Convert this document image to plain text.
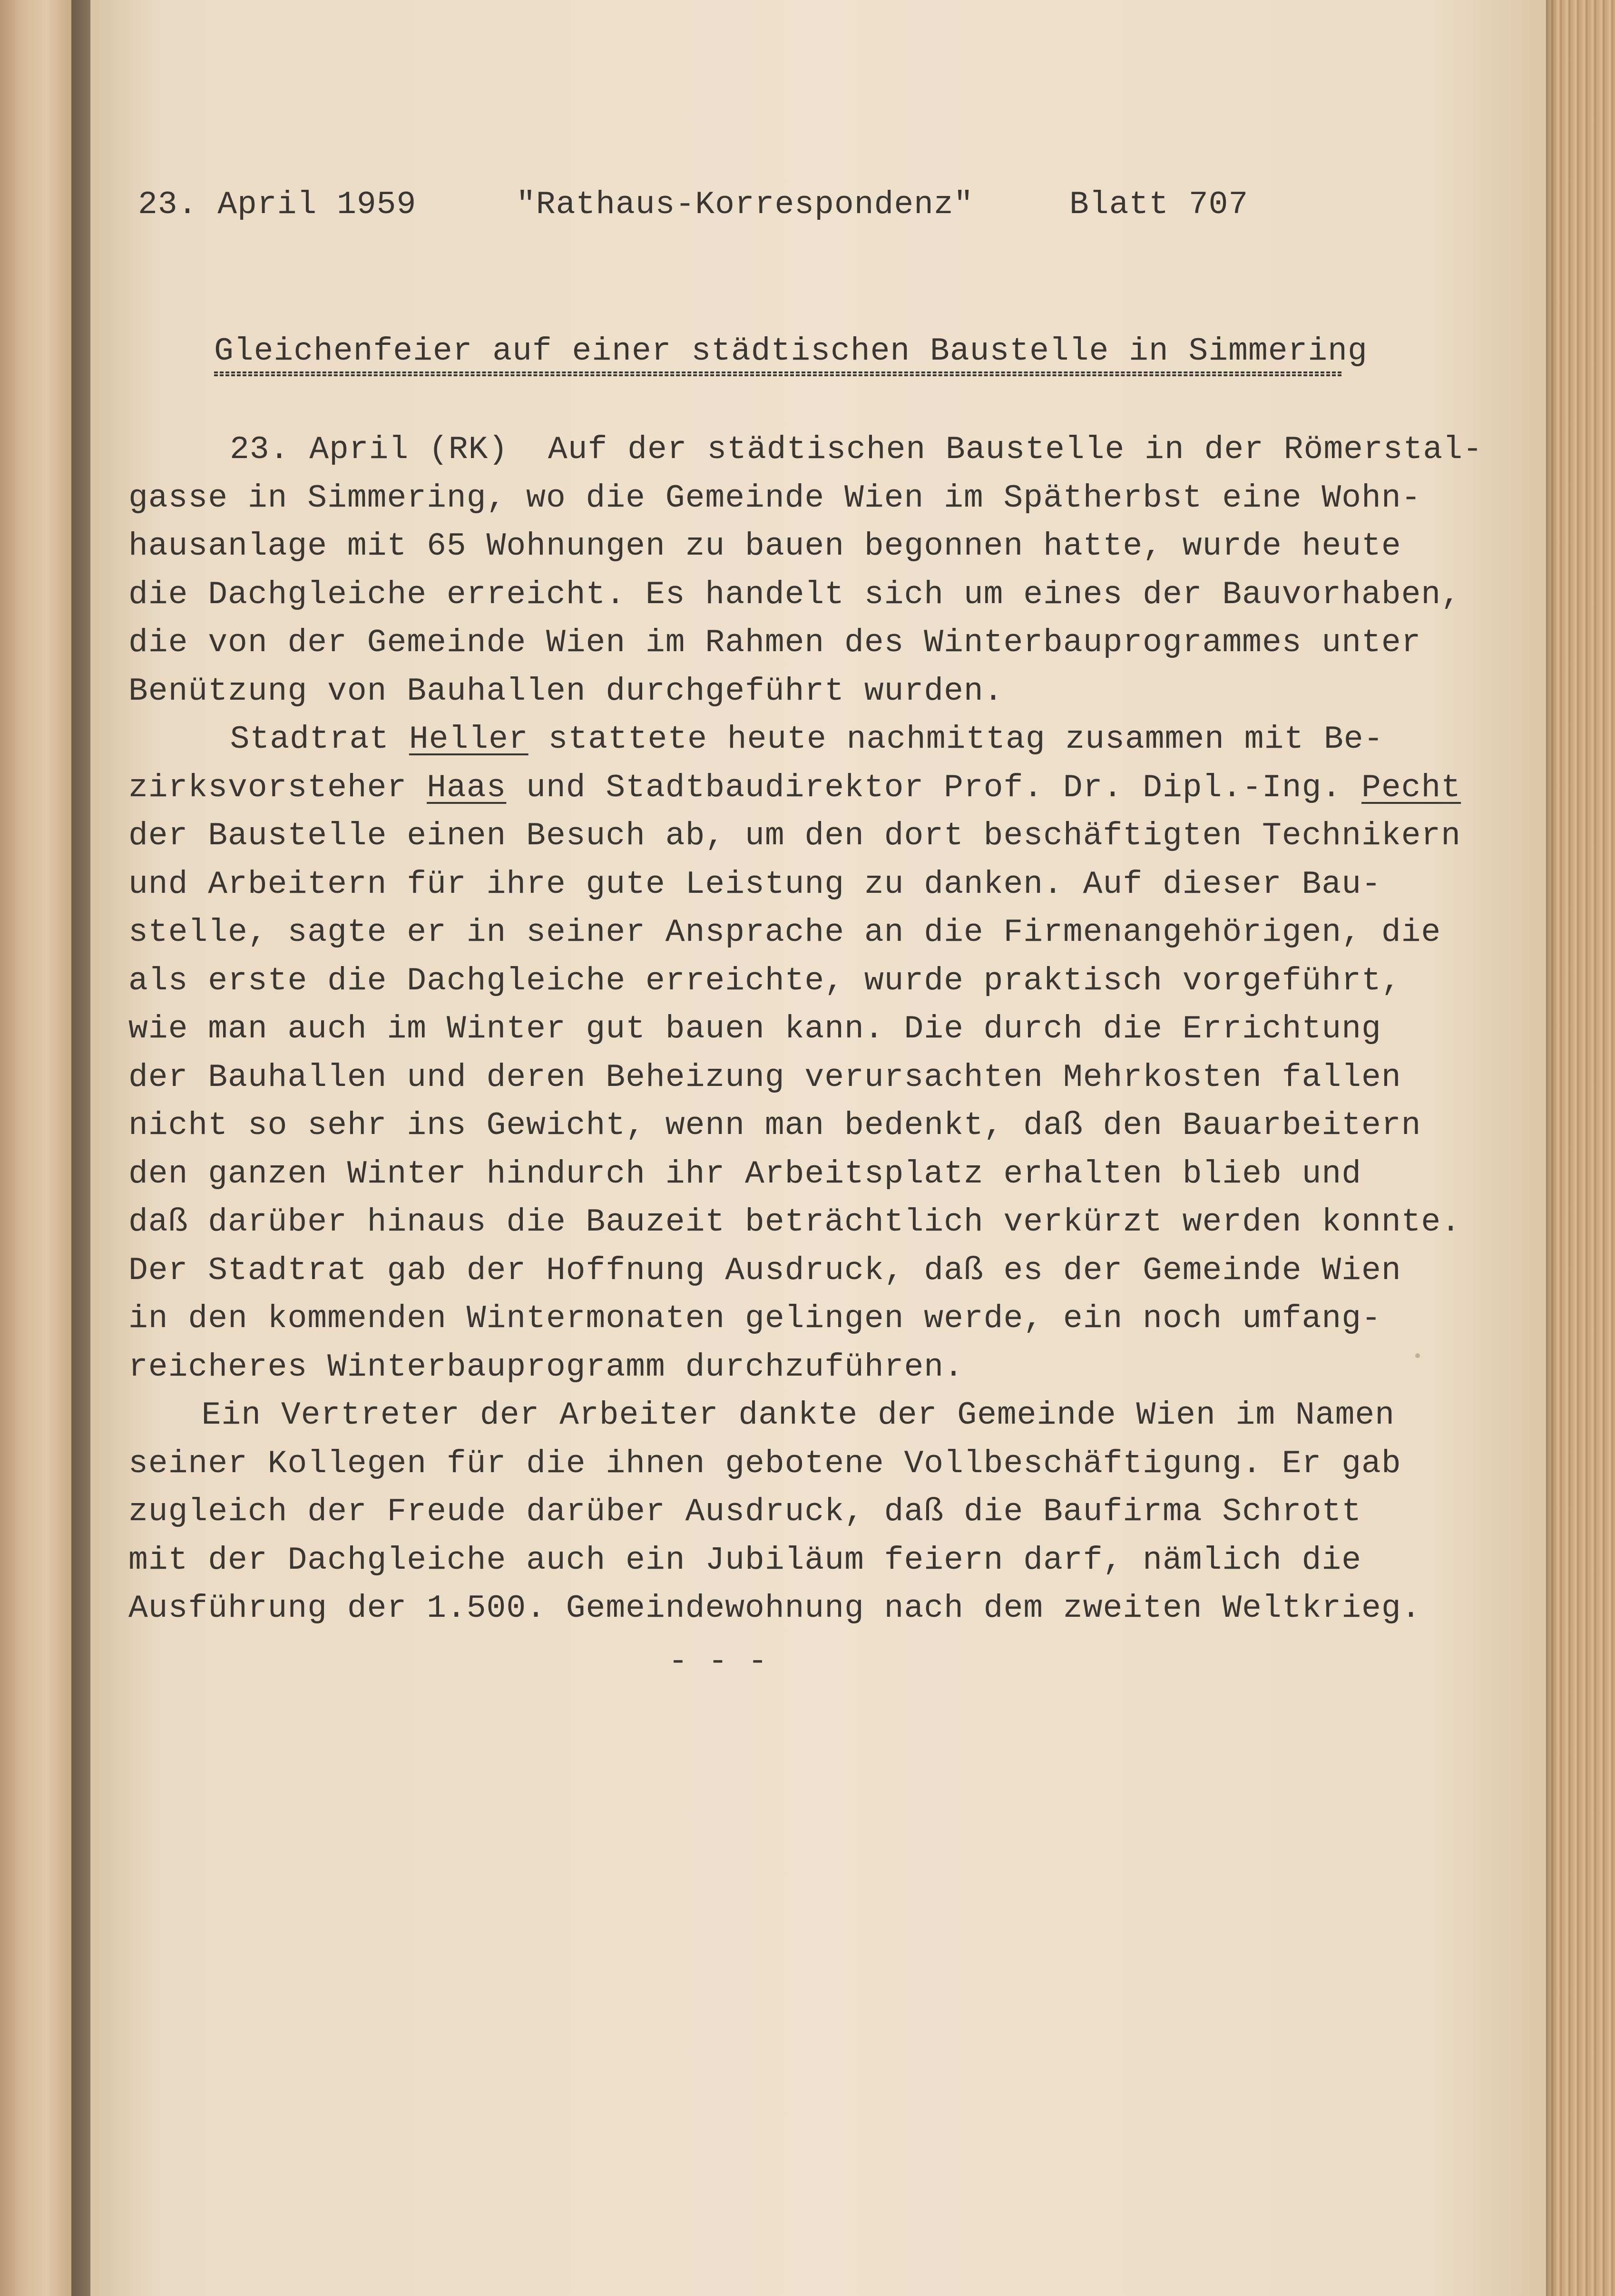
23. April 1959	"Rathaus-Korrespondenz"	Blatt 707
Gleichenfeier auf einer städtischen Baustelle in Simmering
23. April (RK)  Auf der städtischen Baustelle in der Römerstal-
gasse in Simmering, wo die Gemeinde Wien im Spätherbst eine Wohn-
hausanlage mit 65 Wohnungen zu bauen begonnen hatte, wurde heute
die Dachgleiche erreicht. Es handelt sich um eines der Bauvorhaben,
die von der Gemeinde Wien im Rahmen des Winterbauprogrammes unter
Benützung von Bauhallen durchgeführt wurden.
Stadtrat Heller stattete heute nachmittag zusammen mit Be-
zirksvorsteher Haas und Stadtbaudirektor Prof. Dr. Dipl.-Ing. Pecht
der Baustelle einen Besuch ab, um den dort beschäftigten Technikern
und Arbeitern für ihre gute Leistung zu danken. Auf dieser Bau-
stelle, sagte er in seiner Ansprache an die Firmenangehörigen, die
als erste die Dachgleiche erreichte, wurde praktisch vorgeführt,
wie man auch im Winter gut bauen kann. Die durch die Errichtung
der Bauhallen und deren Beheizung verursachten Mehrkosten fallen
nicht so sehr ins Gewicht, wenn man bedenkt, daß den Bauarbeitern
den ganzen Winter hindurch ihr Arbeitsplatz erhalten blieb und
daß darüber hinaus die Bauzeit beträchtlich verkürzt werden konnte.
Der Stadtrat gab der Hoffnung Ausdruck, daß es der Gemeinde Wien
in den kommenden Wintermonaten gelingen werde, ein noch umfang-
reicheres Winterbauprogramm durchzuführen.
Ein Vertreter der Arbeiter dankte der Gemeinde Wien im Namen
seiner Kollegen für die ihnen gebotene Vollbeschäftigung. Er gab
zugleich der Freude darüber Ausdruck, daß die Baufirma Schrott
mit der Dachgleiche auch ein Jubiläum feiern darf, nämlich die
Ausführung der 1.500. Gemeindewohnung nach dem zweiten Weltkrieg.
- - -
